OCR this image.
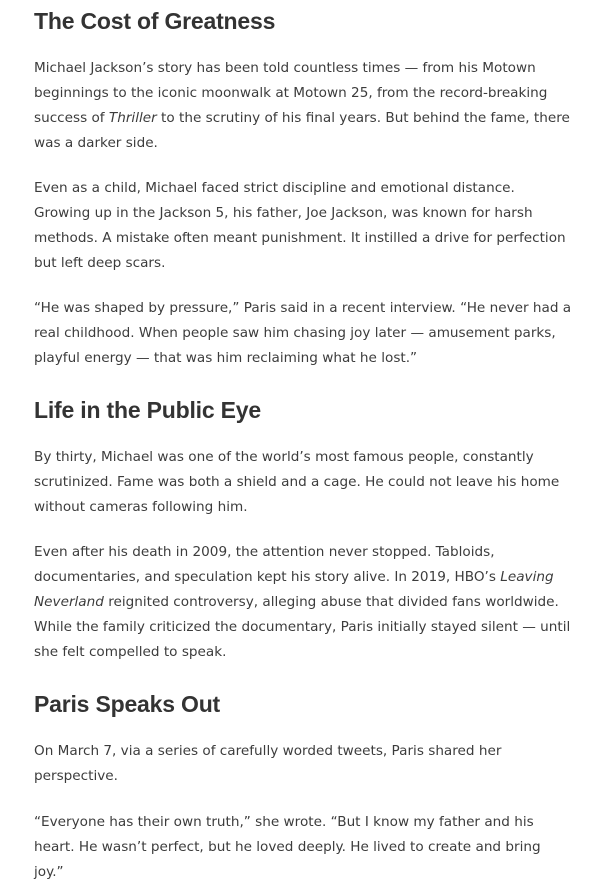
The Cost of Greatness

Michael Jackson’s story has been told countless times — from his Motown beginnings to the iconic moonwalk at Motown 25, from the record-breaking success of Thriller to the scrutiny of his final years. But behind the fame, there was a darker side.

Even as a child, Michael faced strict discipline and emotional distance. Growing up in the Jackson 5, his father, Joe Jackson, was known for harsh methods. A mistake often meant punishment. It instilled a drive for perfection but left deep scars.

“He was shaped by pressure,” Paris said in a recent interview. “He never had a real childhood. When people saw him chasing joy later — amusement parks, playful energy — that was him reclaiming what he lost.”

Life in the Public Eye

By thirty, Michael was one of the world’s most famous people, constantly scrutinized. Fame was both a shield and a cage. He could not leave his home without cameras following him.

Even after his death in 2009, the attention never stopped. Tabloids, documentaries, and speculation kept his story alive. In 2019, HBO’s Leaving Neverland reignited controversy, alleging abuse that divided fans worldwide. While the family criticized the documentary, Paris initially stayed silent — until she felt compelled to speak.

Paris Speaks Out

On March 7, via a series of carefully worded tweets, Paris shared her perspective.

“Everyone has their own truth,” she wrote. “But I know my father and his heart. He wasn’t perfect, but he loved deeply. He lived to create and bring joy.”
